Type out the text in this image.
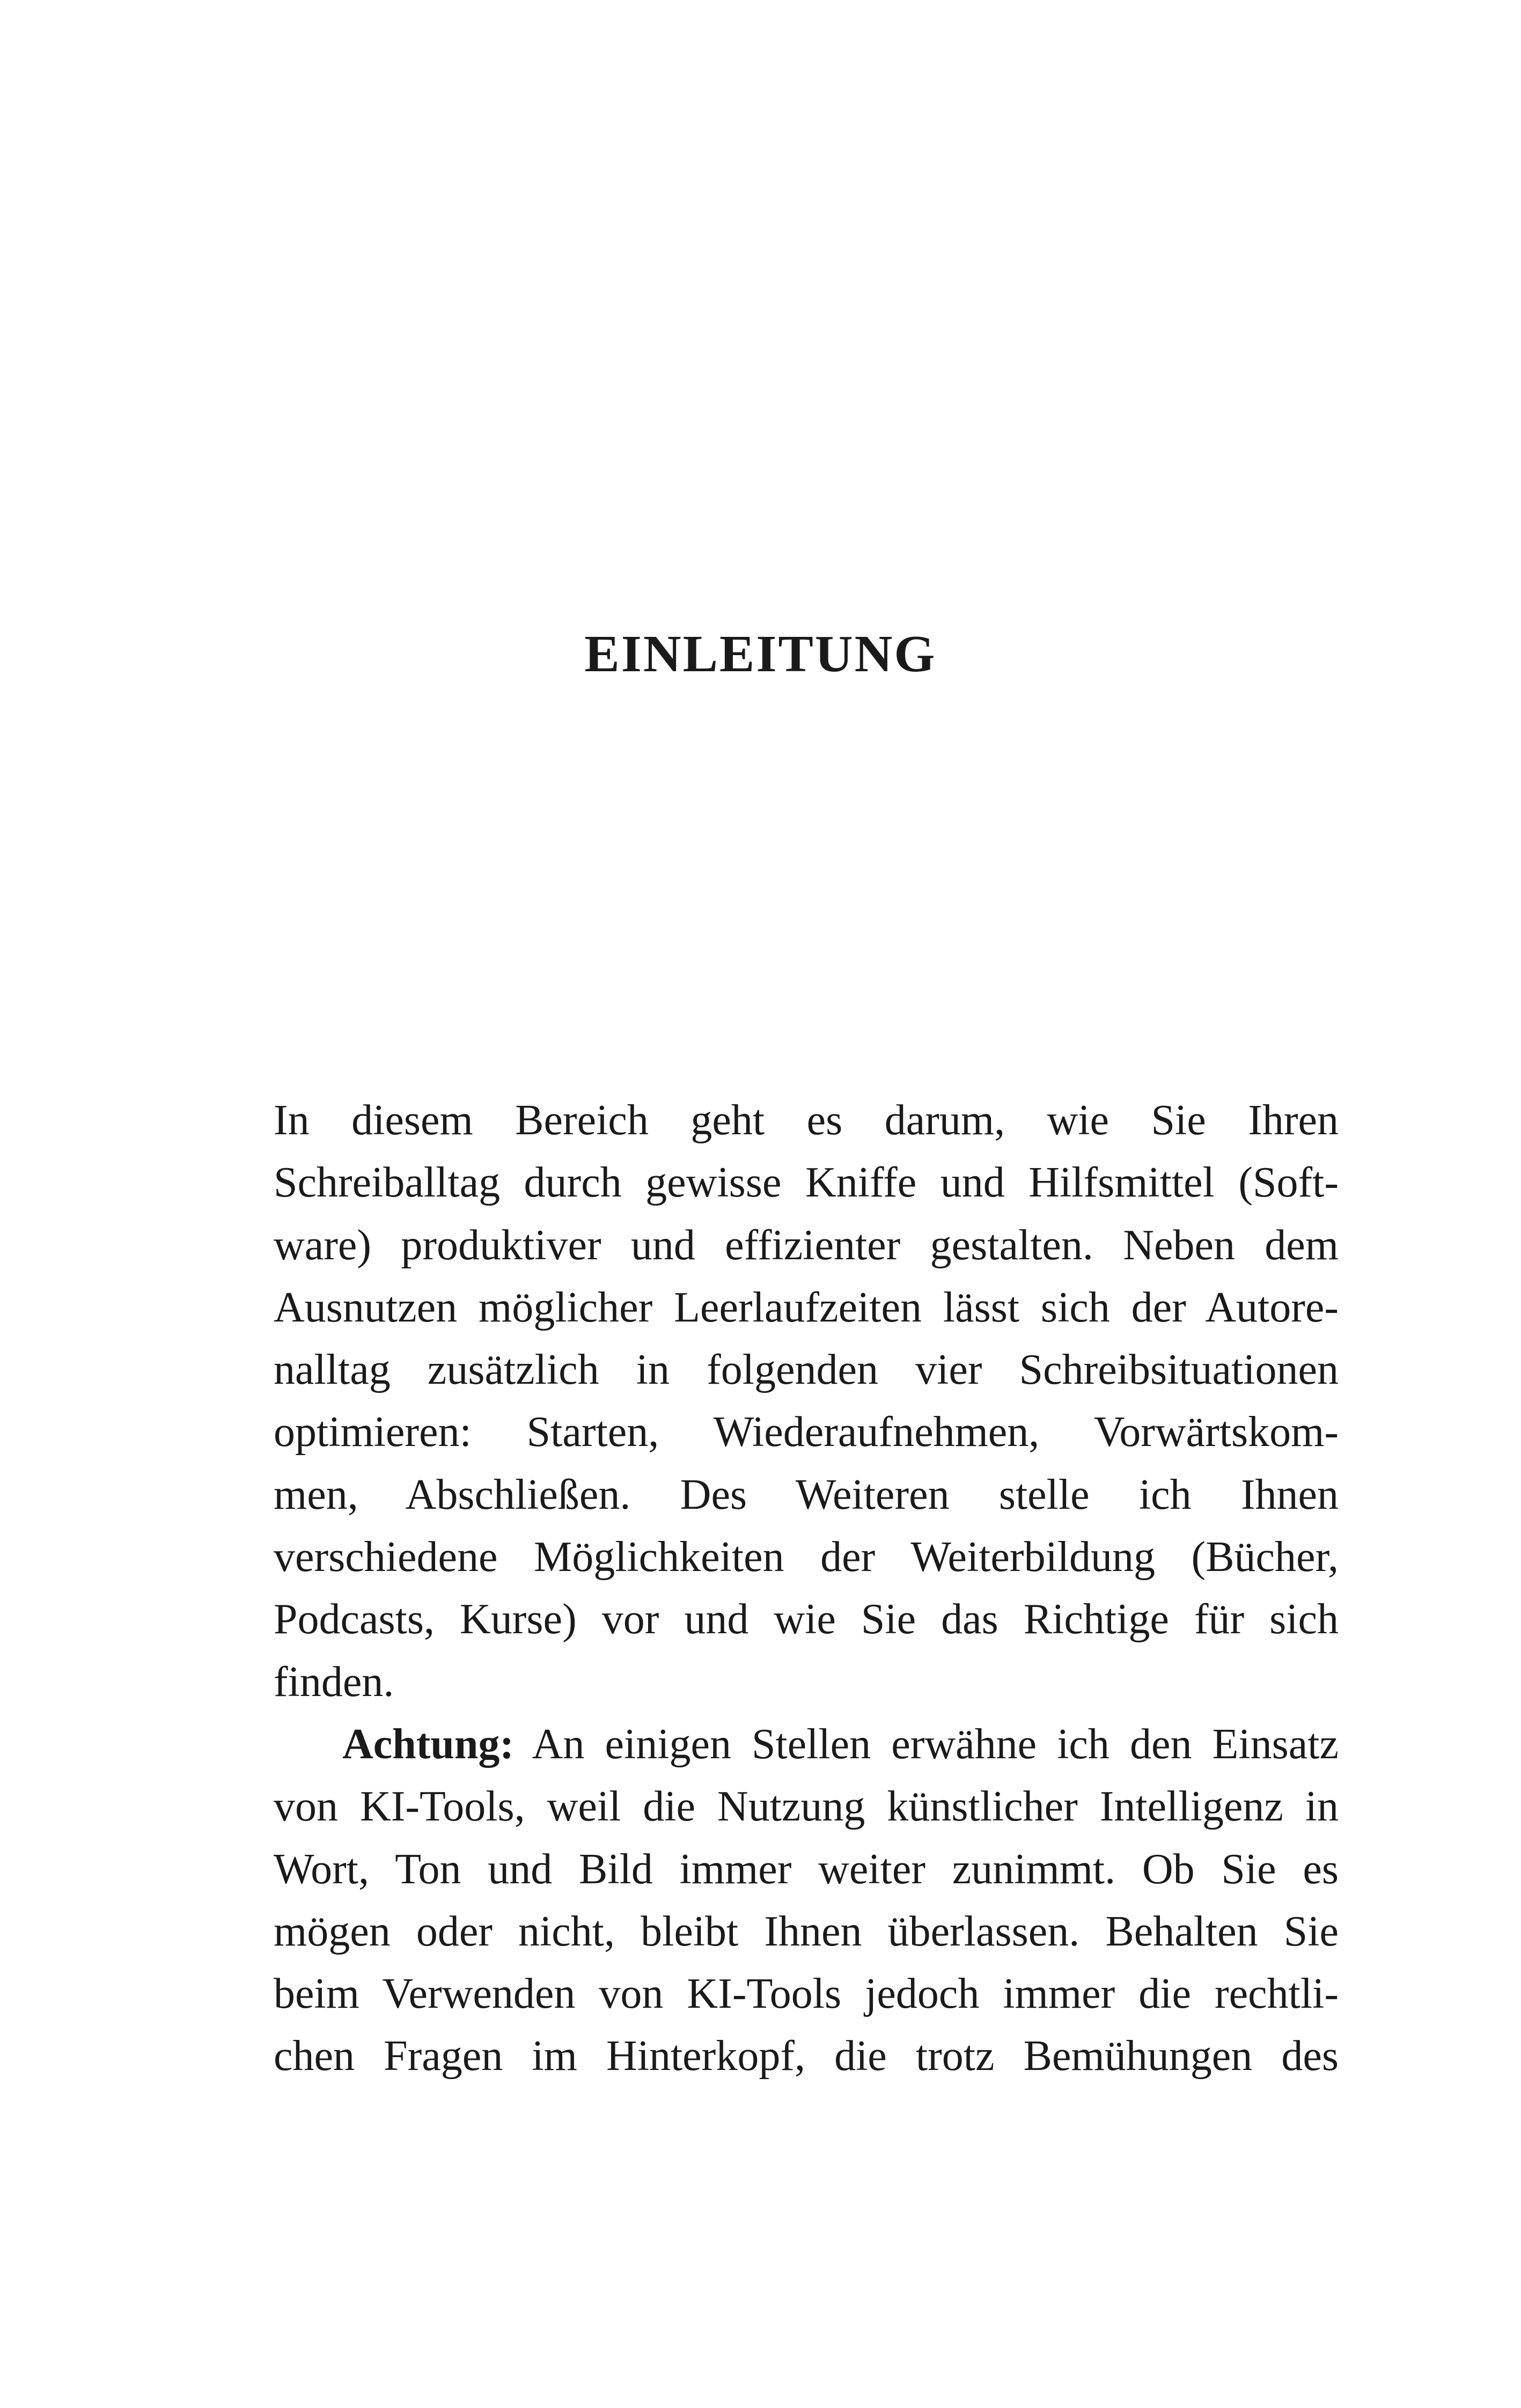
EINLEITUNG
In diesem Bereich geht es darum, wie Sie Ihren
Schreiballtag durch gewisse Kniffe und Hilfsmittel (Soft-
ware) produktiver und effizienter gestalten. Neben dem
Ausnutzen möglicher Leerlaufzeiten lässt sich der Autore-
nalltag zusätzlich in folgenden vier Schreibsituationen
optimieren: Starten, Wiederaufnehmen, Vorwärtskom-
men, Abschließen. Des Weiteren stelle ich Ihnen
verschiedene Möglichkeiten der Weiterbildung (Bücher,
Podcasts, Kurse) vor und wie Sie das Richtige für sich
finden.
Achtung: An einigen Stellen erwähne ich den Einsatz
von KI-Tools, weil die Nutzung künstlicher Intelligenz in
Wort, Ton und Bild immer weiter zunimmt. Ob Sie es
mögen oder nicht, bleibt Ihnen überlassen. Behalten Sie
beim Verwenden von KI-Tools jedoch immer die rechtli-
chen Fragen im Hinterkopf, die trotz Bemühungen des
